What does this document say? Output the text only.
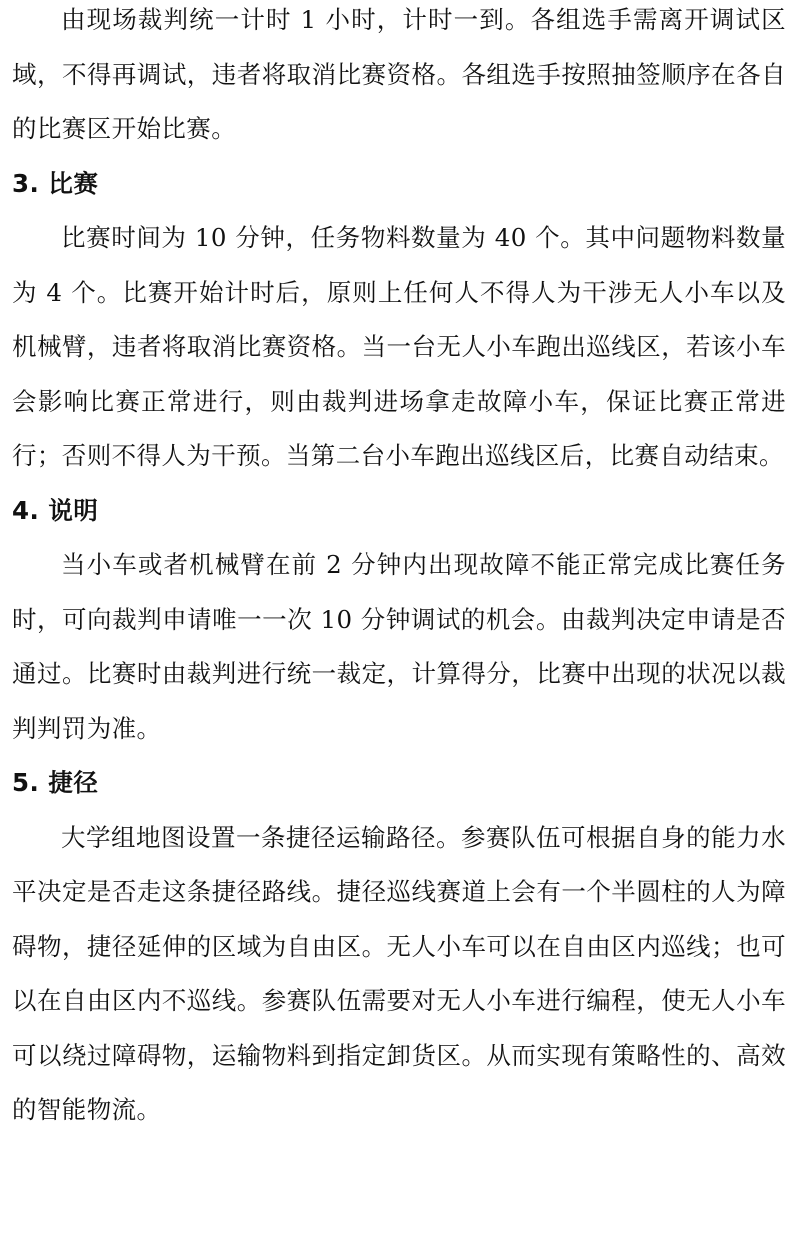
由现场裁判统一计时 1 小时，计时一到。各组选手需离开调试区域，不得再调试，违者将取消比赛资格。各组选手按照抽签顺序在各自的比赛区开始比赛。

3. 比赛

比赛时间为 10 分钟，任务物料数量为 40 个。其中问题物料数量为 4 个。比赛开始计时后，原则上任何人不得人为干涉无人小车以及机械臂，违者将取消比赛资格。当一台无人小车跑出巡线区，若该小车会影响比赛正常进行，则由裁判进场拿走故障小车，保证比赛正常进行；否则不得人为干预。当第二台小车跑出巡线区后，比赛自动结束。

4. 说明

当小车或者机械臂在前 2 分钟内出现故障不能正常完成比赛任务时，可向裁判申请唯一一次 10 分钟调试的机会。由裁判决定申请是否通过。比赛时由裁判进行统一裁定，计算得分，比赛中出现的状况以裁判判罚为准。

5. 捷径

大学组地图设置一条捷径运输路径。参赛队伍可根据自身的能力水平决定是否走这条捷径路线。捷径巡线赛道上会有一个半圆柱的人为障碍物，捷径延伸的区域为自由区。无人小车可以在自由区内巡线；也可以在自由区内不巡线。参赛队伍需要对无人小车进行编程，使无人小车可以绕过障碍物，运输物料到指定卸货区。从而实现有策略性的、高效的智能物流。
